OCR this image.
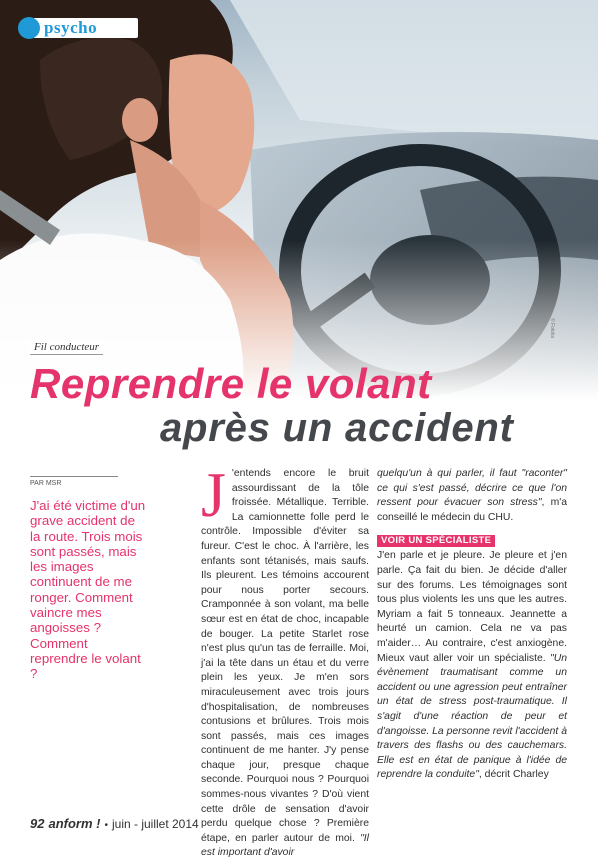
psycho
© Fotolia
Fil conducteur
Reprendre le volant
après un accident
PAR MSR
J'ai été victime d'un grave accident de la route. Trois mois sont passés, mais les images continuent de me ronger. Comment vaincre mes angoisses ? Comment reprendre le volant ?
J 'entends encore le bruit assourdissant de la tôle froissée. Métallique. Terrible. La camionnette folle perd le contrôle. Impossible d'éviter sa fureur. C'est le choc. À l'arrière, les enfants sont tétanisés, mais saufs. Ils pleurent. Les témoins accourent pour nous porter secours. Cramponnée à son volant, ma belle sœur est en état de choc, incapable de bouger. La petite Starlet rose n'est plus qu'un tas de ferraille. Moi, j'ai la tête dans un étau et du verre plein les yeux. Je m'en sors miraculeusement avec trois jours d'hospitalisation, de nombreuses contusions et brûlures. Trois mois sont passés, mais ces images continuent de me hanter. J'y pense chaque jour, presque chaque seconde. Pourquoi nous ? Pourquoi sommes-nous vivantes ? D'où vient cette drôle de sensation d'avoir perdu quelque chose ? Première étape, en parler autour de moi. "Il est important d'avoir
quelqu'un à qui parler, il faut "raconter" ce qui s'est passé, décrire ce que l'on ressent pour évacuer son stress", m'a conseillé le médecin du CHU.
VOIR UN SPÉCIALISTE
J'en parle et je pleure. Je pleure et j'en parle. Ça fait du bien. Je décide d'aller sur des forums. Les témoignages sont tous plus violents les uns que les autres. Myriam a fait 5 tonneaux. Jeannette a heurté un camion. Cela ne va pas m'aider… Au contraire, c'est anxiogène. Mieux vaut aller voir un spécialiste. "Un évènement traumatisant comme un accident ou une agression peut entraîner un état de stress post-traumatique. Il s'agit d'une réaction de peur et d'angoisse. La personne revit l'accident à travers des flashs ou des cauchemars. Elle est en état de panique à l'idée de reprendre la conduite", décrit Charley
92 anform ! • juin - juillet 2014
